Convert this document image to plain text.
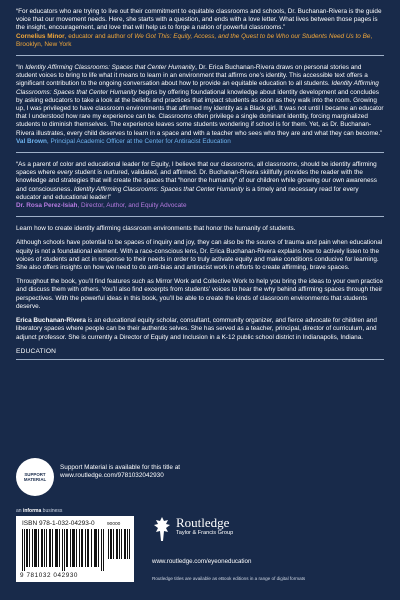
“For educators who are trying to live out their commitment to equitable classrooms and schools, Dr. Buchanan-Rivera is the guide voice that our movement needs. Here, she starts with a question, and ends with a love letter. What lives between those pages is the insight, encouragement, and love that will help us to forge a nation of powerful classrooms.”
Cornelius Minor, educator and author of We Got This: Equity, Access, and the Quest to be Who our Students Need Us to Be, Brooklyn, New York
“In Identity Affirming Classrooms: Spaces that Center Humanity, Dr. Erica Buchanan-Rivera draws on personal stories and student voices to bring to life what it means to learn in an environment that affirms one’s identity. This accessible text offers a significant contribution to the ongoing conversation about how to provide an equitable education to all students. Identity Affirming Classrooms: Spaces that Center Humanity begins by offering foundational knowledge about identity development and concludes by asking educators to take a look at the beliefs and practices that impact students as soon as they walk into the room. Growing up, I was privileged to have classroom environments that affirmed my identity as a Black girl. It was not until I became an educator that I understood how rare my experience can be. Classrooms often privilege a single dominant identity, forcing marginalized students to diminish themselves. The experience leaves some students wondering if school is for them. Yet, as Dr. Buchanan-Rivera illustrates, every child deserves to learn in a space and with a teacher who sees who they are and what they can become.”
Val Brown, Principal Academic Officer at the Center for Antiracist Education
“As a parent of color and educational leader for Equity, I believe that our classrooms, all classrooms, should be identity affirming spaces where every student is nurtured, validated, and affirmed. Dr. Buchanan-Rivera skillfully provides the reader with the knowledge and strategies that will create the spaces that “honor the humanity” of our children while growing our own awareness and consciousness. Identity Affirming Classrooms: Spaces that Center Humanity is a timely and necessary read for every educator and educational leader!”
Dr. Rosa Perez-Isiah, Director, Author, and Equity Advocate

Learn how to create identity affirming classroom environments that honor the humanity of students.

Although schools have potential to be spaces of inquiry and joy, they can also be the source of trauma and pain when educational equity is not a foundational element. With a race-conscious lens, Dr. Erica Buchanan-Rivera explains how to actively listen to the voices of students and act in response to their needs in order to truly activate equity and make conditions conducive for learning. She also offers insights on how we need to do anti-bias and antiracist work in efforts to create affirming, brave spaces.

Throughout the book, you’ll find features such as Mirror Work and Collective Work to help you bring the ideas to your own practice and discuss them with others. You’ll also find excerpts from students’ voices to hear the why behind affirming spaces through their perspectives. With the powerful ideas in this book, you’ll be able to create the kinds of classroom environments that students deserve.

Erica Buchanan-Rivera is an educational equity scholar, consultant, community organizer, and fierce advocate for children and liberatory spaces where people can be their authentic selves. She has served as a teacher, principal, director of curriculum, and adjunct professor. She is currently a Director of Equity and Inclusion in a K-12 public school district in Indianapolis, Indiana.

EDUCATION
SUPPORT MATERIAL
Support Material is available for this title at
www.routledge.com/9781032042930
an informa business
ISBN 978-1-032-04293-0	90000
9 781032 042930
Routledge
Taylor & Francis Group
www.routledge.com/eyeoneducation
Routledge titles are available as eBook editions in a range of digital formats
